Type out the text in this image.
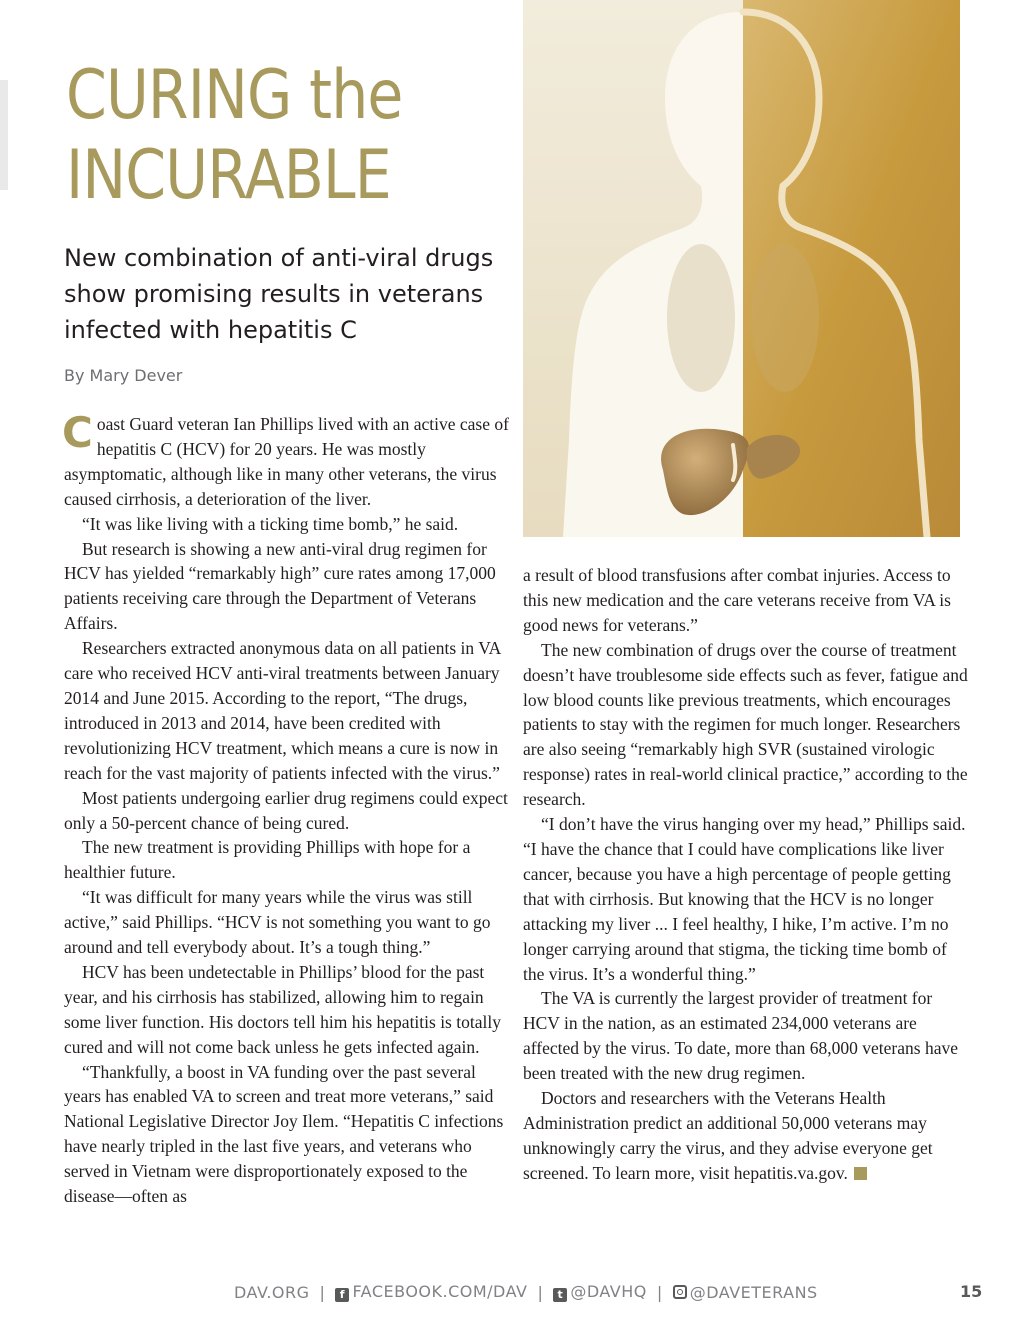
CURING the
INCURABLE
New combination of anti-viral drugs
show promising results in veterans
infected with hepatitis C
By Mary Dever

Coast Guard veteran Ian Phillips lived with an active case of hepatitis C (HCV) for 20 years. He was mostly asymptomatic, although like in many other veterans, the virus caused cirrhosis, a deterioration of the liver.

“It was like living with a ticking time bomb,” he said.

But research is showing a new anti-viral drug regimen for HCV has yielded “remarkably high” cure rates among 17,000 patients receiving care through the Department of Veterans Affairs.

Researchers extracted anonymous data on all patients in VA care who received HCV anti-viral treatments between January 2014 and June 2015. According to the report, “The drugs, introduced in 2013 and 2014, have been credited with revolutionizing HCV treatment, which means a cure is now in reach for the vast majority of patients infected with the virus.”

Most patients undergoing earlier drug regimens could expect only a 50-percent chance of being cured.

The new treatment is providing Phillips with hope for a healthier future.

“It was difficult for many years while the virus was still active,” said Phillips. “HCV is not something you want to go around and tell everybody about. It’s a tough thing.”

HCV has been undetectable in Phillips’ blood for the past year, and his cirrhosis has stabilized, allowing him to regain some liver function. His doctors tell him his hepatitis is totally cured and will not come back unless he gets infected again.

“Thankfully, a boost in VA funding over the past several years has enabled VA to screen and treat more veterans,” said National Legislative Director Joy Ilem. “Hepatitis C infections have nearly tripled in the last five years, and veterans who served in Vietnam were disproportionately exposed to the disease—often as

a result of blood transfusions after combat injuries. Access to this new medication and the care veterans receive from VA is good news for veterans.”

The new combination of drugs over the course of treatment doesn’t have troublesome side effects such as fever, fatigue and low blood counts like previous treatments, which encourages patients to stay with the regimen for much longer. Researchers are also seeing “remarkably high SVR (sustained virologic response) rates in real-world clinical practice,” according to the research.

“I don’t have the virus hanging over my head,” Phillips said. “I have the chance that I could have complications like liver cancer, because you have a high percentage of people getting that with cirrhosis. But knowing that the HCV is no longer attacking my liver ... I feel healthy, I hike, I’m active. I’m no longer carrying around that stigma, the ticking time bomb of the virus. It’s a wonderful thing.”

The VA is currently the largest provider of treatment for HCV in the nation, as an estimated 234,000 veterans are affected by the virus. To date, more than 68,000 veterans have been treated with the new drug regimen.

Doctors and researchers with the Veterans Health Administration predict an additional 50,000 veterans may unknowingly carry the virus, and they advise everyone get screened. To learn more, visit hepatitis.va.gov.

DAV.ORG |	f FACEBOOK.COM/DAV |	t @DAVHQ |	@DAVETERANS	15
